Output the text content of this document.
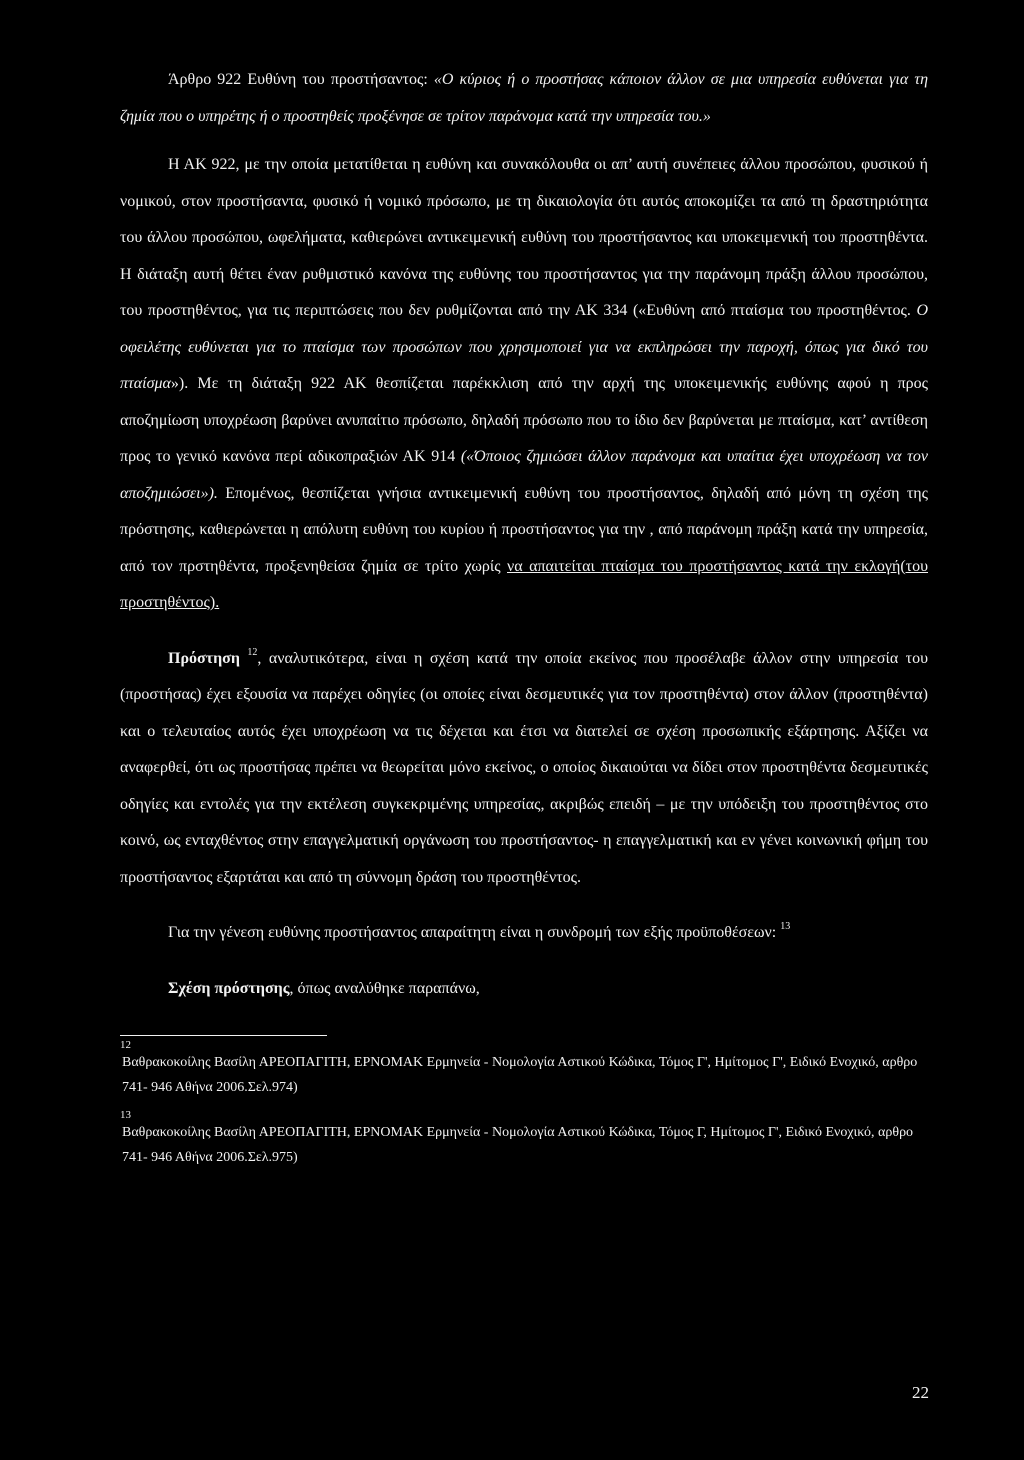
Άρθρο 922 Ευθύνη του προστήσαντος: «Ο κύριος ή ο προστήσας κάποιον άλλον σε μια υπηρεσία ευθύνεται για τη ζημία που ο υπηρέτης ή ο προστηθείς προξένησε σε τρίτον παράνομα κατά την υπηρεσία του.»

Η ΑΚ 922, με την οποία μετατίθεται η ευθύνη και συνακόλουθα οι απ’ αυτή συνέπειες άλλου προσώπου, φυσικού ή νομικού, στον προστήσαντα, φυσικό ή νομικό πρόσωπο, με τη δικαιολογία ότι αυτός αποκομίζει τα από τη δραστηριότητα του άλλου προσώπου, ωφελήματα, καθιερώνει αντικειμενική ευθύνη του προστήσαντος και υποκειμενική του προστηθέντα. Η διάταξη αυτή θέτει έναν ρυθμιστικό κανόνα της ευθύνης του προστήσαντος για την παράνομη πράξη άλλου προσώπου, του προστηθέντος, για τις περιπτώσεις που δεν ρυθμίζονται από την ΑΚ 334 («Ευθύνη από πταίσμα του προστηθέντος. Ο οφειλέτης ευθύνεται για το πταίσμα των προσώπων που χρησιμοποιεί για να εκπληρώσει την παροχή, όπως για δικό του πταίσμα»). Με τη διάταξη 922 ΑΚ θεσπίζεται παρέκκλιση από την αρχή της υποκειμενικής ευθύνης αφού η προς αποζημίωση υποχρέωση βαρύνει ανυπαίτιο πρόσωπο, δηλαδή πρόσωπο που το ίδιο δεν βαρύνεται με πταίσμα, κατ’ αντίθεση προς το γενικό κανόνα περί αδικοπραξιών ΑΚ 914 («Όποιος ζημιώσει άλλον παράνομα και υπαίτια έχει υποχρέωση να τον αποζημιώσει»). Επομένως, θεσπίζεται γνήσια αντικειμενική ευθύνη του προστήσαντος, δηλαδή από μόνη τη σχέση της πρόστησης, καθιερώνεται η απόλυτη ευθύνη του κυρίου ή προστήσαντος για την , από παράνομη πράξη κατά την υπηρεσία, από τον πρστηθέντα, προξενηθείσα ζημία σε τρίτο χωρίς να απαιτείται πταίσμα του προστήσαντος κατά την εκλογή(του προστηθέντος).

Πρόστηση $^{12}$, αναλυτικότερα, είναι η σχέση κατά την οποία εκείνος που προσέλαβε άλλον στην υπηρεσία του (προστήσας) έχει εξουσία να παρέχει οδηγίες (οι οποίες είναι δεσμευτικές για τον προστηθέντα) στον άλλον (προστηθέντα) και ο τελευταίος αυτός έχει υποχρέωση να τις δέχεται και έτσι να διατελεί σε σχέση προσωπικής εξάρτησης. Αξίζει να αναφερθεί, ότι ως προστήσας πρέπει να θεωρείται μόνο εκείνος, ο οποίος δικαιούται να δίδει στον προστηθέντα δεσμευτικές οδηγίες και εντολές για την εκτέλεση συγκεκριμένης υπηρεσίας, ακριβώς επειδή – με την υπόδειξη του προστηθέντος στο κοινό, ως ενταχθέντος στην επαγγελματική οργάνωση του προστήσαντος- η επαγγελματική και εν γένει κοινωνική φήμη του προστήσαντος εξαρτάται και από τη σύννομη δράση του προστηθέντος.

Για την γένεση ευθύνης προστήσαντος απαραίτητη είναι η συνδρομή των εξής προϋποθέσεων: $^{13}$

Σχέση πρόστησης, όπως αναλύθηκε παραπάνω,

12
Βαθρακοκοίλης Βασίλη ΑΡΕΟΠΑΓΙΤΗ, ΕΡΝΟΜΑΚ Ερμηνεία - Νομολογία Αστικού Κώδικα, Τόμος Γ', Ημίτομος Γ', Ειδικό Ενοχικό, αρθρο 741- 946 Αθήνα 2006.Σελ.974)
13
Βαθρακοκοίλης Βασίλη ΑΡΕΟΠΑΓΙΤΗ, ΕΡΝΟΜΑΚ Ερμηνεία - Νομολογία Αστικού Κώδικα, Τόμος Γ, Ημίτομος Γ', Ειδικό Ενοχικό, αρθρο 741- 946 Αθήνα 2006.Σελ.975)
22
